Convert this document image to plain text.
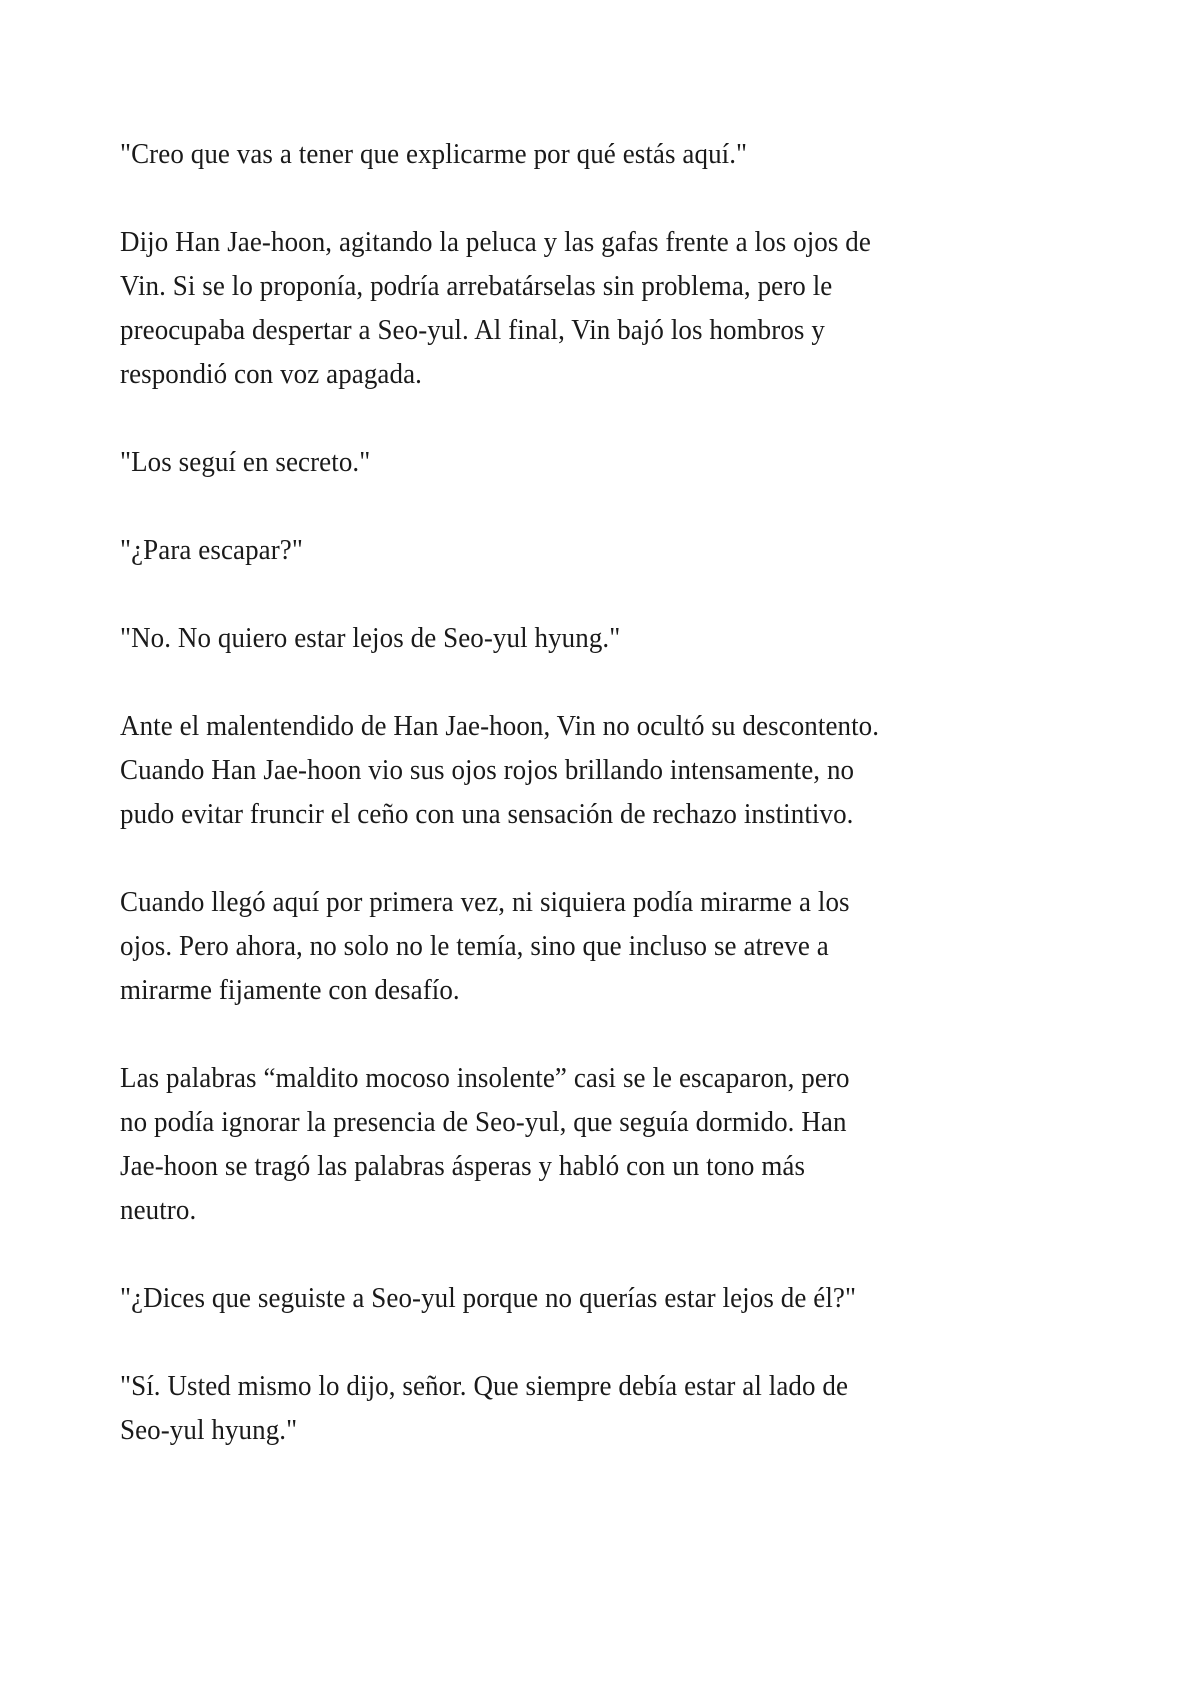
"Creo que vas a tener que explicarme por qué estás aquí."

Dijo Han Jae-hoon, agitando la peluca y las gafas frente a los ojos de
Vin. Si se lo proponía, podría arrebatárselas sin problema, pero le
preocupaba despertar a Seo-yul. Al final, Vin bajó los hombros y
respondió con voz apagada.

"Los seguí en secreto."

"¿Para escapar?"

"No. No quiero estar lejos de Seo-yul hyung."

Ante el malentendido de Han Jae-hoon, Vin no ocultó su descontento.
Cuando Han Jae-hoon vio sus ojos rojos brillando intensamente, no
pudo evitar fruncir el ceño con una sensación de rechazo instintivo.

Cuando llegó aquí por primera vez, ni siquiera podía mirarme a los
ojos. Pero ahora, no solo no le temía, sino que incluso se atreve a
mirarme fijamente con desafío.

Las palabras “maldito mocoso insolente” casi se le escaparon, pero
no podía ignorar la presencia de Seo-yul, que seguía dormido. Han
Jae-hoon se tragó las palabras ásperas y habló con un tono más
neutro.

"¿Dices que seguiste a Seo-yul porque no querías estar lejos de él?"

"Sí. Usted mismo lo dijo, señor. Que siempre debía estar al lado de
Seo-yul hyung."
